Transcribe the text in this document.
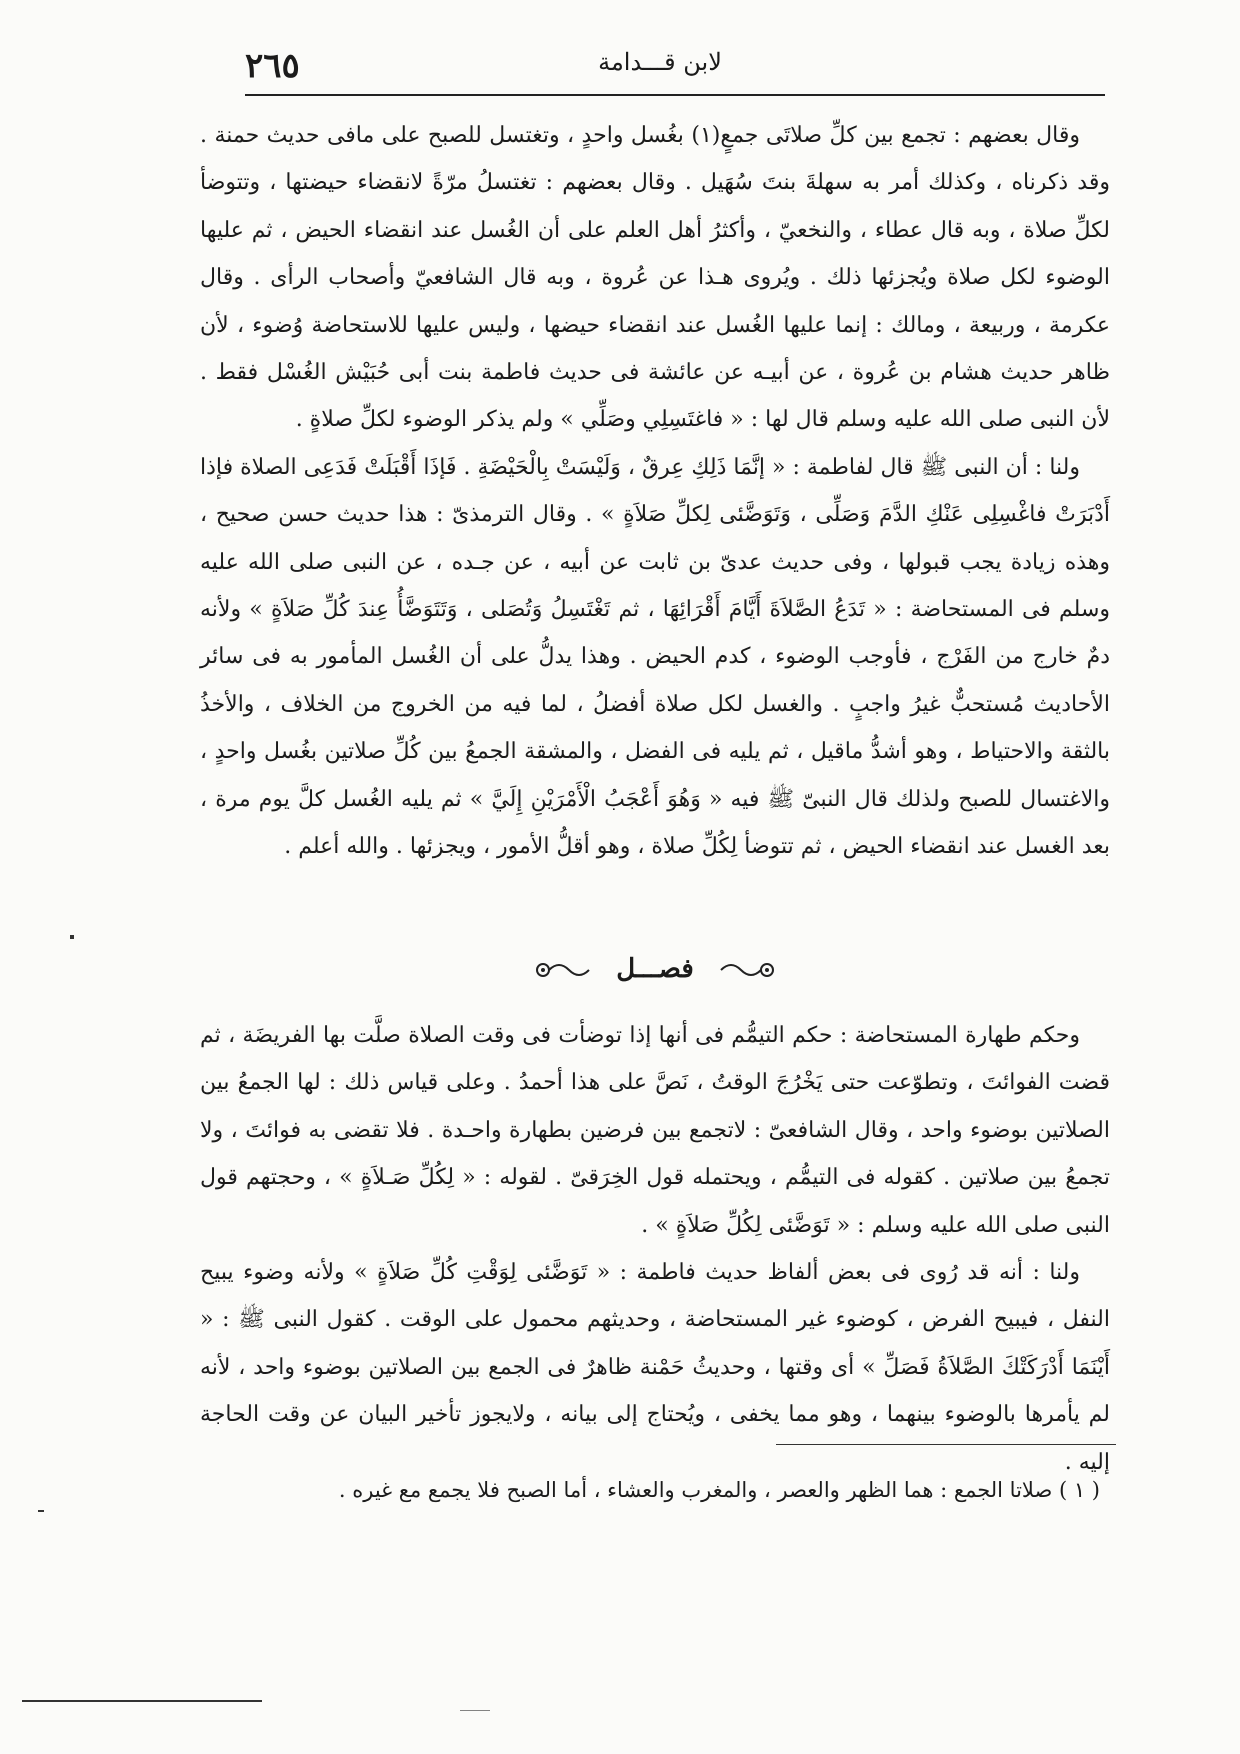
٢٦٥	لابن قـــدامة

وقال بعضهم : تجمع بين كلِّ صلاتَى جمعٍ(١) بغُسل واحدٍ ، وتغتسل للصبح على مافى حديث حمنة . وقد ذكرناه ، وكذلك أمر به سهلةَ بنتَ سُهَيل . وقال بعضهم : تغتسلُ مرّةً لانقضاء حيضتها ، وتتوضأ لكلِّ صلاة ، وبه قال عطاء ، والنخعيّ ، وأكثرُ أهل العلم على أن الغُسل عند انقضاء الحيض ، ثم عليها الوضوء لكل صلاة ويُجزئها ذلك . ويُروى هـذا عن عُروة ، وبه قال الشافعيّ وأصحاب الرأى . وقال عكرمة ، وربيعة ، ومالك : إنما عليها الغُسل عند انقضاء حيضها ، وليس عليها للاستحاضة وُضوء ، لأن ظاهر حديث هشام بن عُروة ، عن أبيـه عن عائشة فى حديث فاطمة بنت أبى حُبَيْش الغُسْل فقط . لأن النبى صلى الله عليه وسلم قال لها : « فاغتَسِلِي وصَلِّي » ولم يذكر الوضوء لكلِّ صلاةٍ .

ولنا : أن النبى ﷺ قال لفاطمة : « إنَّمَا ذَلِكِ عِرقٌ ، وَلَيْسَتْ بِالْحَيْضَةِ . فَإذَا أَقْبَلَتْ فَدَعِى الصلاة فإذا أَدْبَرَتْ فاغْسِلِى عَنْكِ الدَّمَ وَصَلِّى ، وَتَوَضَّئى لِكلِّ صَلاَةٍ » . وقال الترمذىّ : هذا حديث حسن صحيح ، وهذه زيادة يجب قبولها ، وفى حديث عدىّ بن ثابت عن أبيه ، عن جـده ، عن النبى صلى الله عليه وسلم فى المستحاضة : « تَدَعُ الصَّلاَةَ أَيَّامَ أَقْرَائِهَا ، ثم تَغْتَسِلُ وَتُصَلى ، وَتَتَوَضَّأُ عِندَ كُلِّ صَلاَةٍ » ولأنه دمٌ خارج من الفَرْج ، فأوجب الوضوء ، كدم الحيض . وهذا يدلُّ على أن الغُسل المأمور به فى سائر الأحاديث مُستحبٌّ غيرُ واجبٍ . والغسل لكل صلاة أفضلُ ، لما فيه من الخروج من الخلاف ، والأخذُ بالثقة والاحتياط ، وهو أشدُّ ماقيل ، ثم يليه فى الفضل ، والمشقة الجمعُ بين كُلِّ صلاتين بغُسل واحدٍ ، والاغتسال للصبح ولذلك قال النبىّ ﷺ فيه « وَهُوَ أَعْجَبُ الْأَمْرَيْنِ إِلَيَّ » ثم يليه الغُسل كلَّ يوم مرة ، بعد الغسل عند انقضاء الحيض ، ثم تتوضأ لِكُلِّ صلاة ، وهو أقلُّ الأمور ، ويجزئها . والله أعلم .

فصـــل

وحكم طهارة المستحاضة : حكم التيمُّم فى أنها إذا توضأت فى وقت الصلاة صلَّت بها الفريضَة ، ثم قضت الفوائتَ ، وتطوّعت حتى يَخْرُجَ الوقتُ ، نَصَّ على هذا أحمدُ . وعلى قياس ذلك : لها الجمعُ بين الصلاتين بوضوء واحد ، وقال الشافعىّ : لاتجمع بين فرضين بطهارة واحـدة . فلا تقضى به فوائتَ ، ولا تجمعُ بين صلاتين . كقوله فى التيمُّم ، ويحتمله قول الخِرَقىّ . لقوله : « لِكُلِّ صَـلاَةٍ » ، وحجتهم قول النبى صلى الله عليه وسلم : « تَوَضَّئى لِكُلِّ صَلاَةٍ » .

ولنا : أنه قد رُوى فى بعض ألفاظ حديث فاطمة : « تَوَضَّئى لِوَقْتِ كُلِّ صَلاَةٍ » ولأنه وضوء يبيح النفل ، فيبيح الفرض ، كوضوء غير المستحاضة ، وحديثهم محمول على الوقت . كقول النبى ﷺ : « أَيْنَمَا أَدْرَكَتْكَ الصَّلاَةُ فَصَلِّ » أى وقتها ، وحديثُ حَمْنة ظاهرٌ فى الجمع بين الصلاتين بوضوء واحد ، لأنه لم يأمرها بالوضوء بينهما ، وهو مما يخفى ، ويُحتاج إلى بيانه ، ولايجوز تأخير البيان عن وقت الحاجة إليه .

( ١ ) صلاتا الجمع : هما الظهر والعصر ، والمغرب والعشاء ، أما الصبح فلا يجمع مع غيره .
